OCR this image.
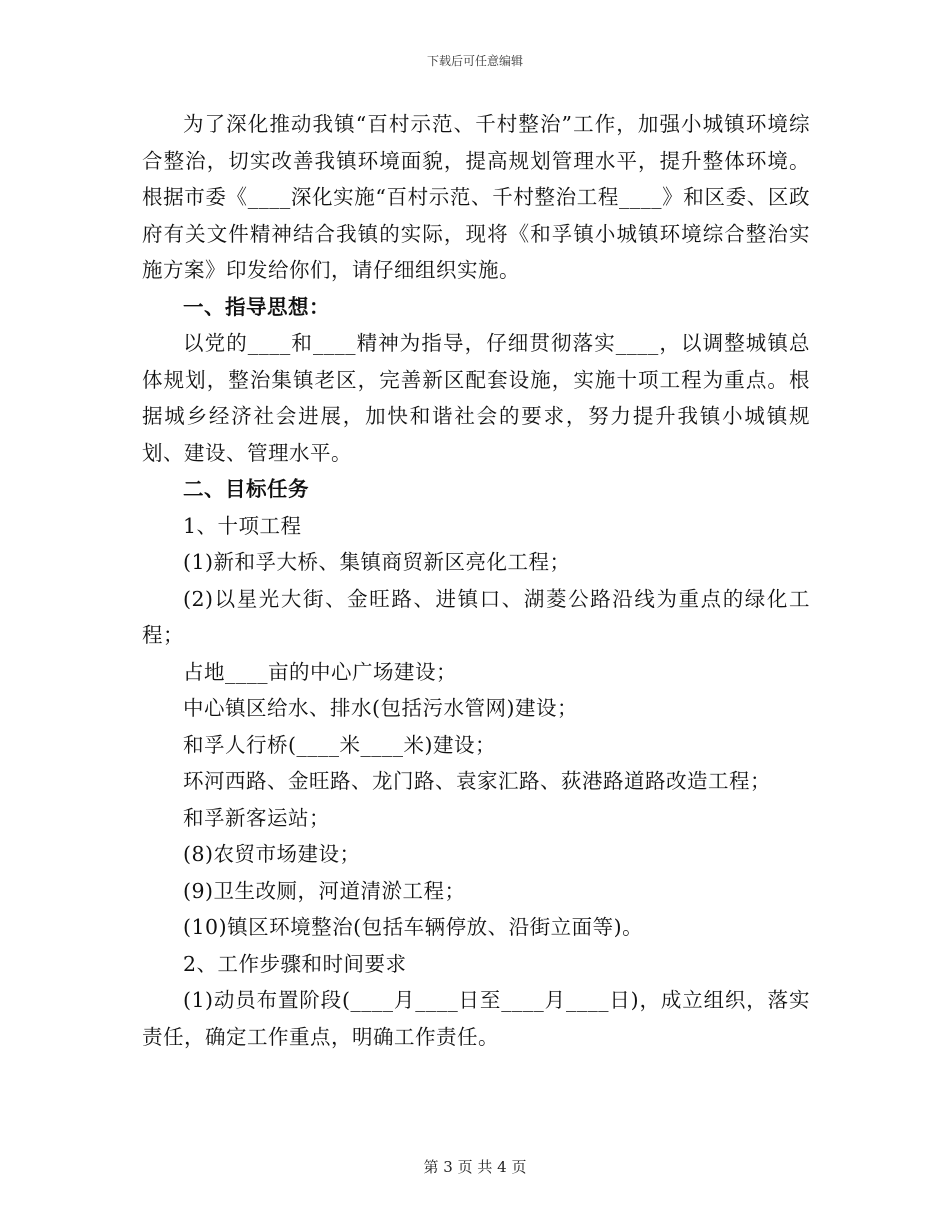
下载后可任意编辑

为了深化推动我镇“百村示范、千村整治”工作，加强小城镇环境综合整治，切实改善我镇环境面貌，提高规划管理水平，提升整体环境。根据市委《____深化实施“百村示范、千村整治工程____》和区委、区政府有关文件精神结合我镇的实际，现将《和孚镇小城镇环境综合整治实施方案》印发给你们，请仔细组织实施。

一、指导思想：

以党的____和____精神为指导，仔细贯彻落实____，以调整城镇总体规划，整治集镇老区，完善新区配套设施，实施十项工程为重点。根据城乡经济社会进展，加快和谐社会的要求，努力提升我镇小城镇规划、建设、管理水平。

二、目标任务

1、十项工程

(1)新和孚大桥、集镇商贸新区亮化工程；

(2)以星光大街、金旺路、进镇口、湖菱公路沿线为重点的绿化工程；

占地____亩的中心广场建设；

中心镇区给水、排水(包括污水管网)建设；

和孚人行桥(____米____米)建设；

环河西路、金旺路、龙门路、袁家汇路、荻港路道路改造工程；

和孚新客运站；

(8)农贸市场建设；

(9)卫生改厕，河道清淤工程；

(10)镇区环境整治(包括车辆停放、沿街立面等)。

2、工作步骤和时间要求

(1)动员布置阶段(____月____日至____月____日)，成立组织，落实责任，确定工作重点，明确工作责任。

第 3 页 共 4 页
